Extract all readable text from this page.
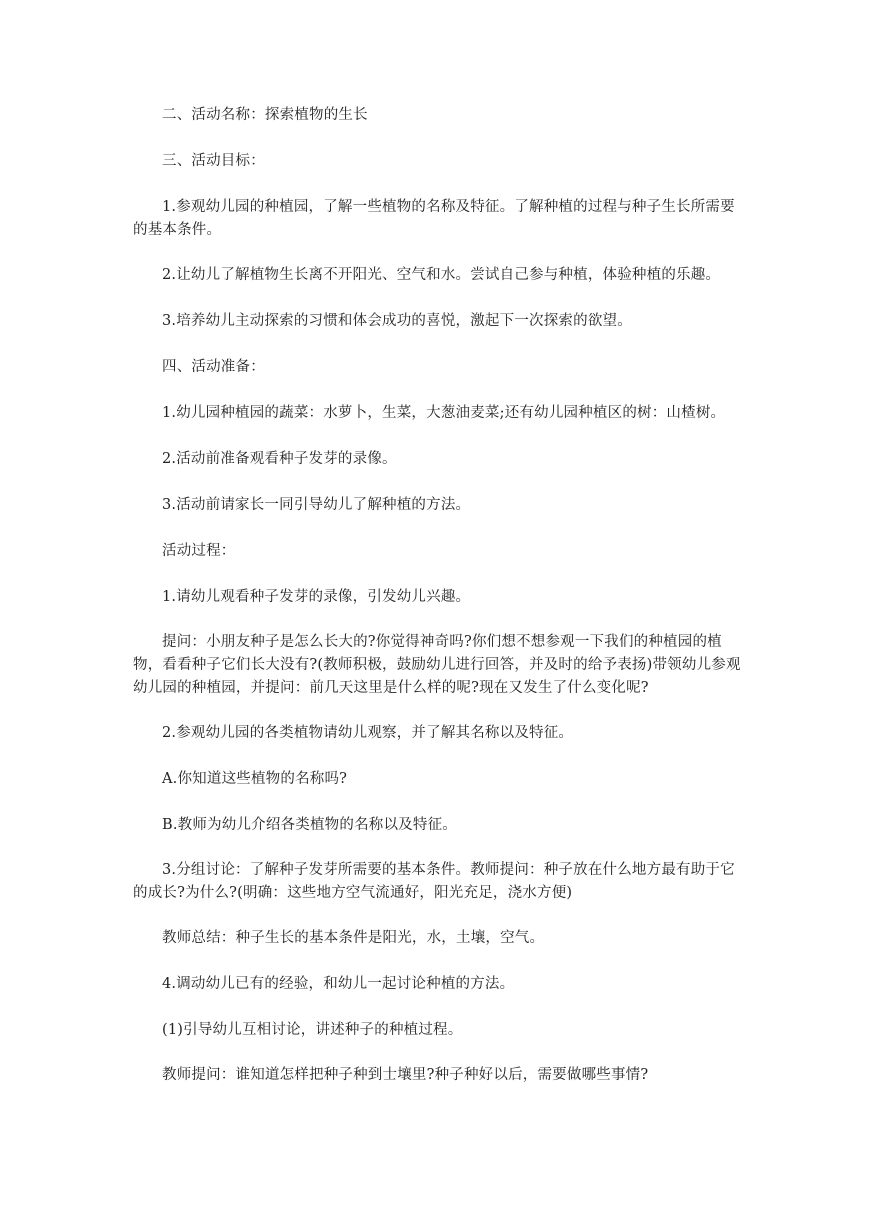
二、活动名称：探索植物的生长

三、活动目标：

1.参观幼儿园的种植园，了解一些植物的名称及特征。了解种植的过程与种子生长所需要的基本条件。

2.让幼儿了解植物生长离不开阳光、空气和水。尝试自己参与种植，体验种植的乐趣。

3.培养幼儿主动探索的习惯和体会成功的喜悦，激起下一次探索的欲望。

四、活动准备：

1.幼儿园种植园的蔬菜：水萝卜，生菜，大葱油麦菜;还有幼儿园种植区的树：山楂树。

2.活动前准备观看种子发芽的录像。

3.活动前请家长一同引导幼儿了解种植的方法。

活动过程：

1.请幼儿观看种子发芽的录像，引发幼儿兴趣。

提问：小朋友种子是怎么长大的?你觉得神奇吗?你们想不想参观一下我们的种植园的植物，看看种子它们长大没有?(教师积极，鼓励幼儿进行回答，并及时的给予表扬)带领幼儿参观幼儿园的种植园，并提问：前几天这里是什么样的呢?现在又发生了什么变化呢?

2.参观幼儿园的各类植物请幼儿观察，并了解其名称以及特征。

A.你知道这些植物的名称吗?

B.教师为幼儿介绍各类植物的名称以及特征。

3.分组讨论：了解种子发芽所需要的基本条件。教师提问：种子放在什么地方最有助于它的成长?为什么?(明确：这些地方空气流通好，阳光充足，浇水方便)

教师总结：种子生长的基本条件是阳光，水，土壤，空气。

4.调动幼儿已有的经验，和幼儿一起讨论种植的方法。

(1)引导幼儿互相讨论，讲述种子的种植过程。

教师提问：谁知道怎样把种子种到士壤里?种子种好以后，需要做哪些事情?
